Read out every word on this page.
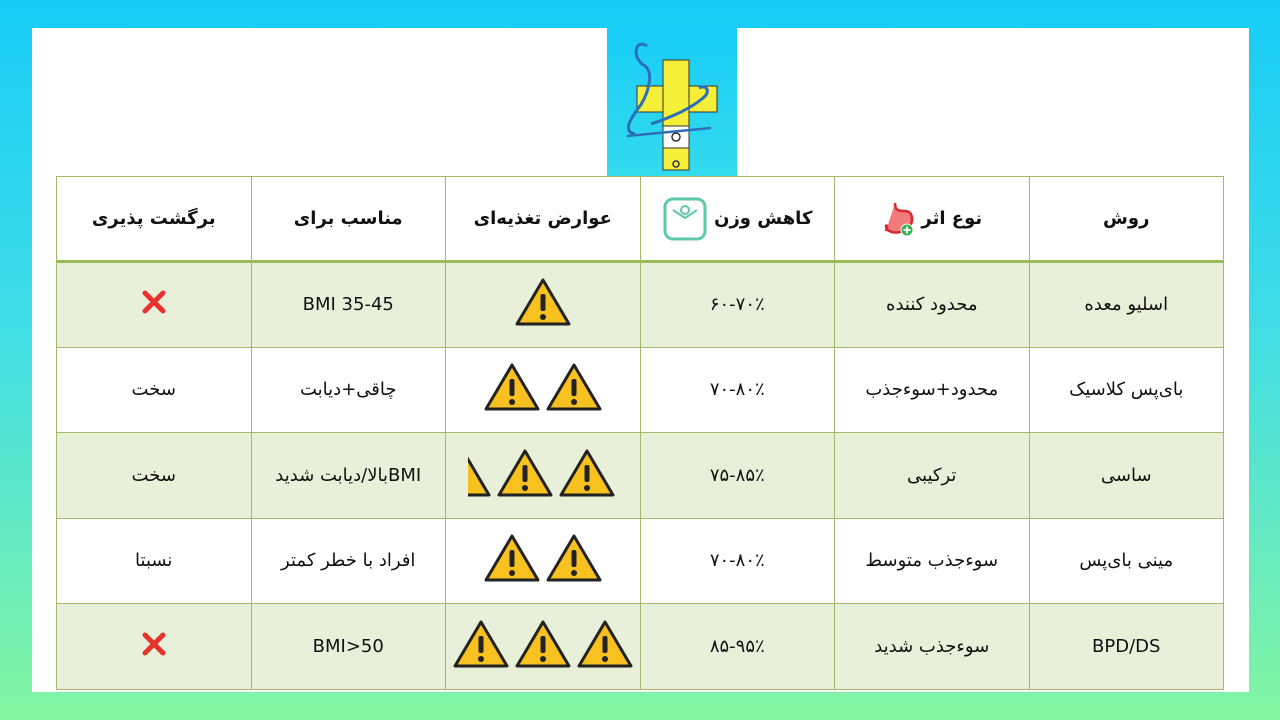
روش	نوع اثر	کاهش وزن	عوارض تغذیه‌ای	مناسب برای	برگشت پذیری
اسلیو معده	محدود کننده	۶۰-۷۰٪		BMI 35-45	
بای‌پس کلاسیک	محدود+سوءجذب	۷۰-۸۰٪		چاقی+دیابت	سخت
ساسی	ترکیبی	۷۵-۸۵٪		BMIبالا/دیابت شدید	سخت
مینی بای‌پس	سوءجذب متوسط	۷۰-۸۰٪		افراد با خطر کمتر	نسبتا
BPD/DS	سوءجذب شدید	۸۵-۹۵٪		BMI>50	
